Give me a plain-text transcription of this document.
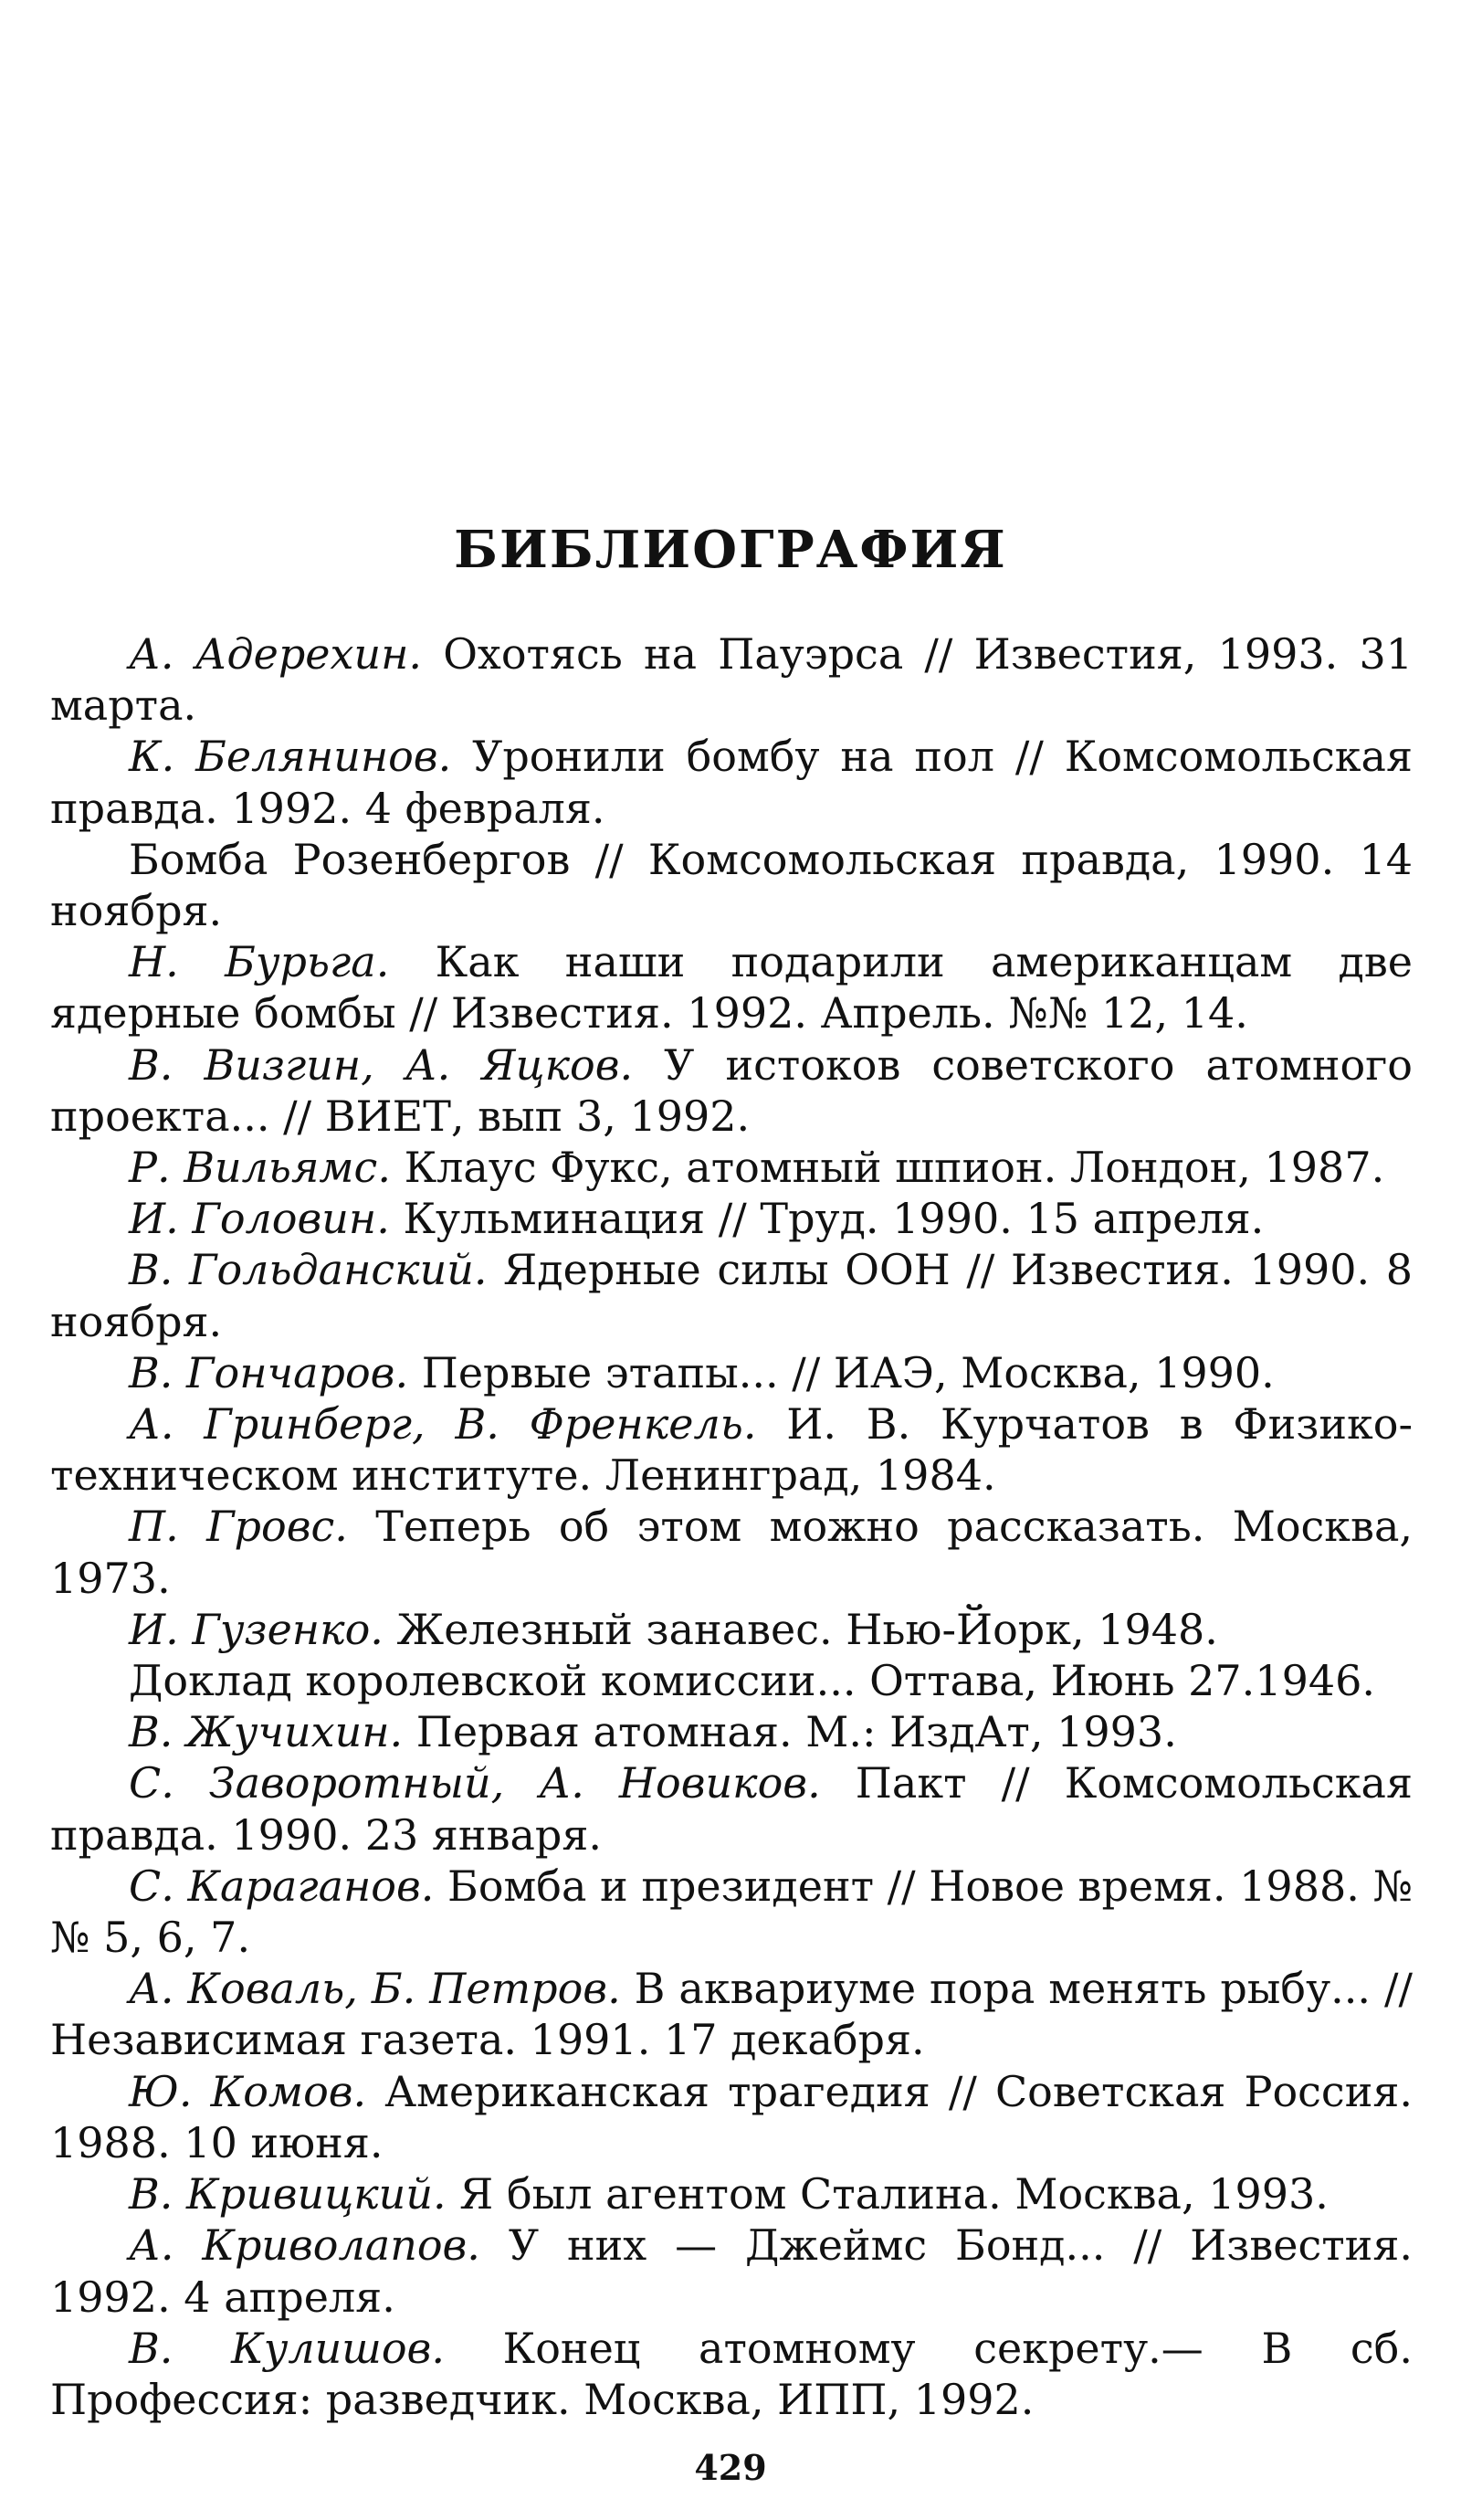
БИБЛИОГРАФИЯ
А. Адерехин. Охотясь на Пауэрса // Известия, 1993. 31 марта.
К. Белянинов. Уронили бомбу на пол // Комсомольская правда. 1992. 4 февраля.
Бомба Розенбергов // Комсомольская правда, 1990. 14 ноября.
Н. Бурьга. Как наши подарили американцам две ядерные бомбы // Известия. 1992. Апрель. №№ 12, 14.
В. Визгин, А. Яцков. У истоков советского атомного проекта... // ВИЕТ, вып 3, 1992.
Р. Вильямс. Клаус Фукс, атомный шпион. Лондон, 1987.
И. Головин. Кульминация // Труд. 1990. 15 апреля.
В. Гольданский. Ядерные силы ООН // Известия. 1990. 8 ноября.
В. Гончаров. Первые этапы... // ИАЭ, Москва, 1990.
А. Гринберг, В. Френкель. И. В. Курчатов в Физико-техническом институте. Ленинград, 1984.
П. Гровс. Теперь об этом можно рассказать. Москва, 1973.
И. Гузенко. Железный занавес. Нью-Йорк, 1948.
Доклад королевской комиссии... Оттава, Июнь 27.1946.
В. Жучихин. Первая атомная. М.: ИздАт, 1993.
С. Заворотный, А. Новиков. Пакт // Комсомольская правда. 1990. 23 января.
С. Караганов. Бомба и президент // Новое время. 1988. №№ 5, 6, 7.
А. Коваль, Б. Петров. В аквариуме пора менять рыбу... // Независимая газета. 1991. 17 декабря.
Ю. Комов. Американская трагедия // Советская Россия. 1988. 10 июня.
В. Кривицкий. Я был агентом Сталина. Москва, 1993.
А. Криволапов. У них — Джеймс Бонд... // Известия. 1992. 4 апреля.
В. Кулишов. Конец атомному секрету.— В сб. Професcия: разведчик. Москва, ИПП, 1992.
429
